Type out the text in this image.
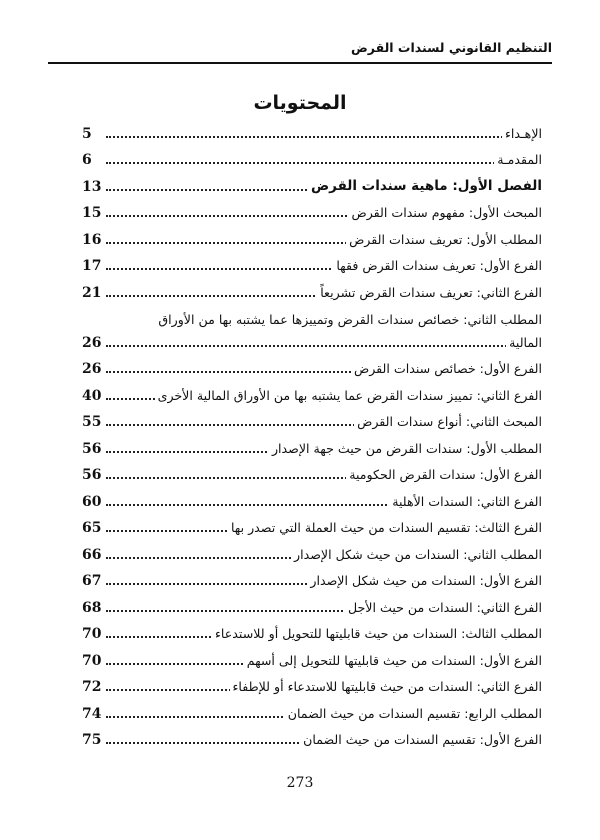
التنظيم القانوني لسندات القرض
المحتويات
الإهـداء
5
المقدمـة
6
الفصل الأول: ماهية سندات القرض
13
المبحث الأول: مفهوم سندات القرض
15
المطلب الأول: تعريف سندات القرض
16
الفرع الأول: تعريف سندات القرض فقها
17
الفرع الثاني: تعريف سندات القرض تشريعاً
21
المطلب الثاني: خصائص سندات القرض وتمييزها عما يشتبه بها من الأوراق
المالية
26
الفرع الأول: خصائص سندات القرض
26
الفرع الثاني: تمييز سندات القرض عما يشتبه بها من الأوراق المالية الأخرى
40
المبحث الثاني: أنواع سندات القرض
55
المطلب الأول: سندات القرض من حيث جهة الإصدار
56
الفرع الأول: سندات القرض الحكومية
56
الفرع الثاني: السندات الأهلية
60
الفرع الثالث: تقسيم السندات من حيث العملة التي تصدر بها
65
المطلب الثاني: السندات من حيث شكل الإصدار
66
الفرع الأول: السندات من حيث شكل الإصدار
67
الفرع الثاني: السندات من حيث الأجل
68
المطلب الثالث: السندات من حيث قابليتها للتحويل أو للاستدعاء
70
الفرع الأول: السندات من حيث قابليتها للتحويل إلى أسهم
70
الفرع الثاني: السندات من حيث قابليتها للاستدعاء أو للإطفاء
72
المطلب الرابع: تقسيم السندات من حيث الضمان
74
الفرع الأول: تقسيم السندات من حيث الضمان
75
273
